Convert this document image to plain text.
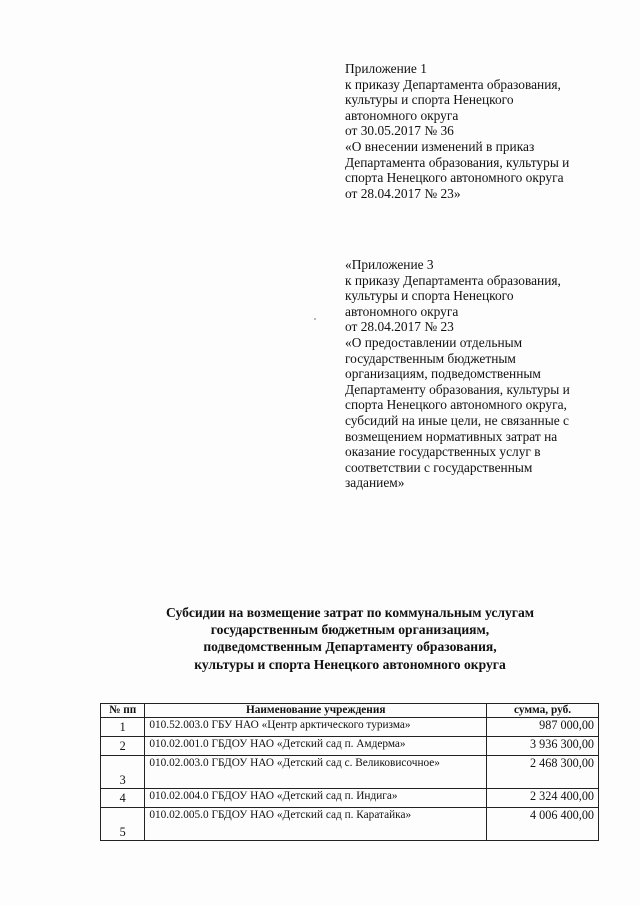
Приложение 1
к приказу Департамента образования,
культуры и спорта Ненецкого
автономного округа
от 30.05.2017 № 36
«О внесении изменений в приказ
Департамента образования, культуры и
спорта Ненецкого автономного округа
от 28.04.2017 № 23»
«Приложение 3
к приказу Департамента образования,
культуры и спорта Ненецкого
автономного округа
от 28.04.2017 № 23
«О предоставлении отдельным
государственным бюджетным
организациям, подведомственным
Департаменту образования, культуры и
спорта Ненецкого автономного округа,
субсидий на иные цели, не связанные с
возмещением нормативных затрат на
оказание государственных услуг в
соответствии с государственным
заданием»
Субсидии на возмещение затрат по коммунальным услугам
государственным бюджетным организациям,
подведомственным Департаменту образования,
культуры и спорта Ненецкого автономного округа
№ пп	Наименование учреждения	сумма, руб.
1	010.52.003.0 ГБУ НАО «Центр арктического туризма»	987 000,00
2	010.02.001.0 ГБДОУ НАО «Детский сад п. Амдерма»	3 936 300,00
3	010.02.003.0 ГБДОУ НАО «Детский сад с. Великовисочное»	2 468 300,00
4	010.02.004.0 ГБДОУ НАО «Детский сад п. Индига»	2 324 400,00
5	010.02.005.0 ГБДОУ НАО «Детский сад п. Каратайка»	4 006 400,00
